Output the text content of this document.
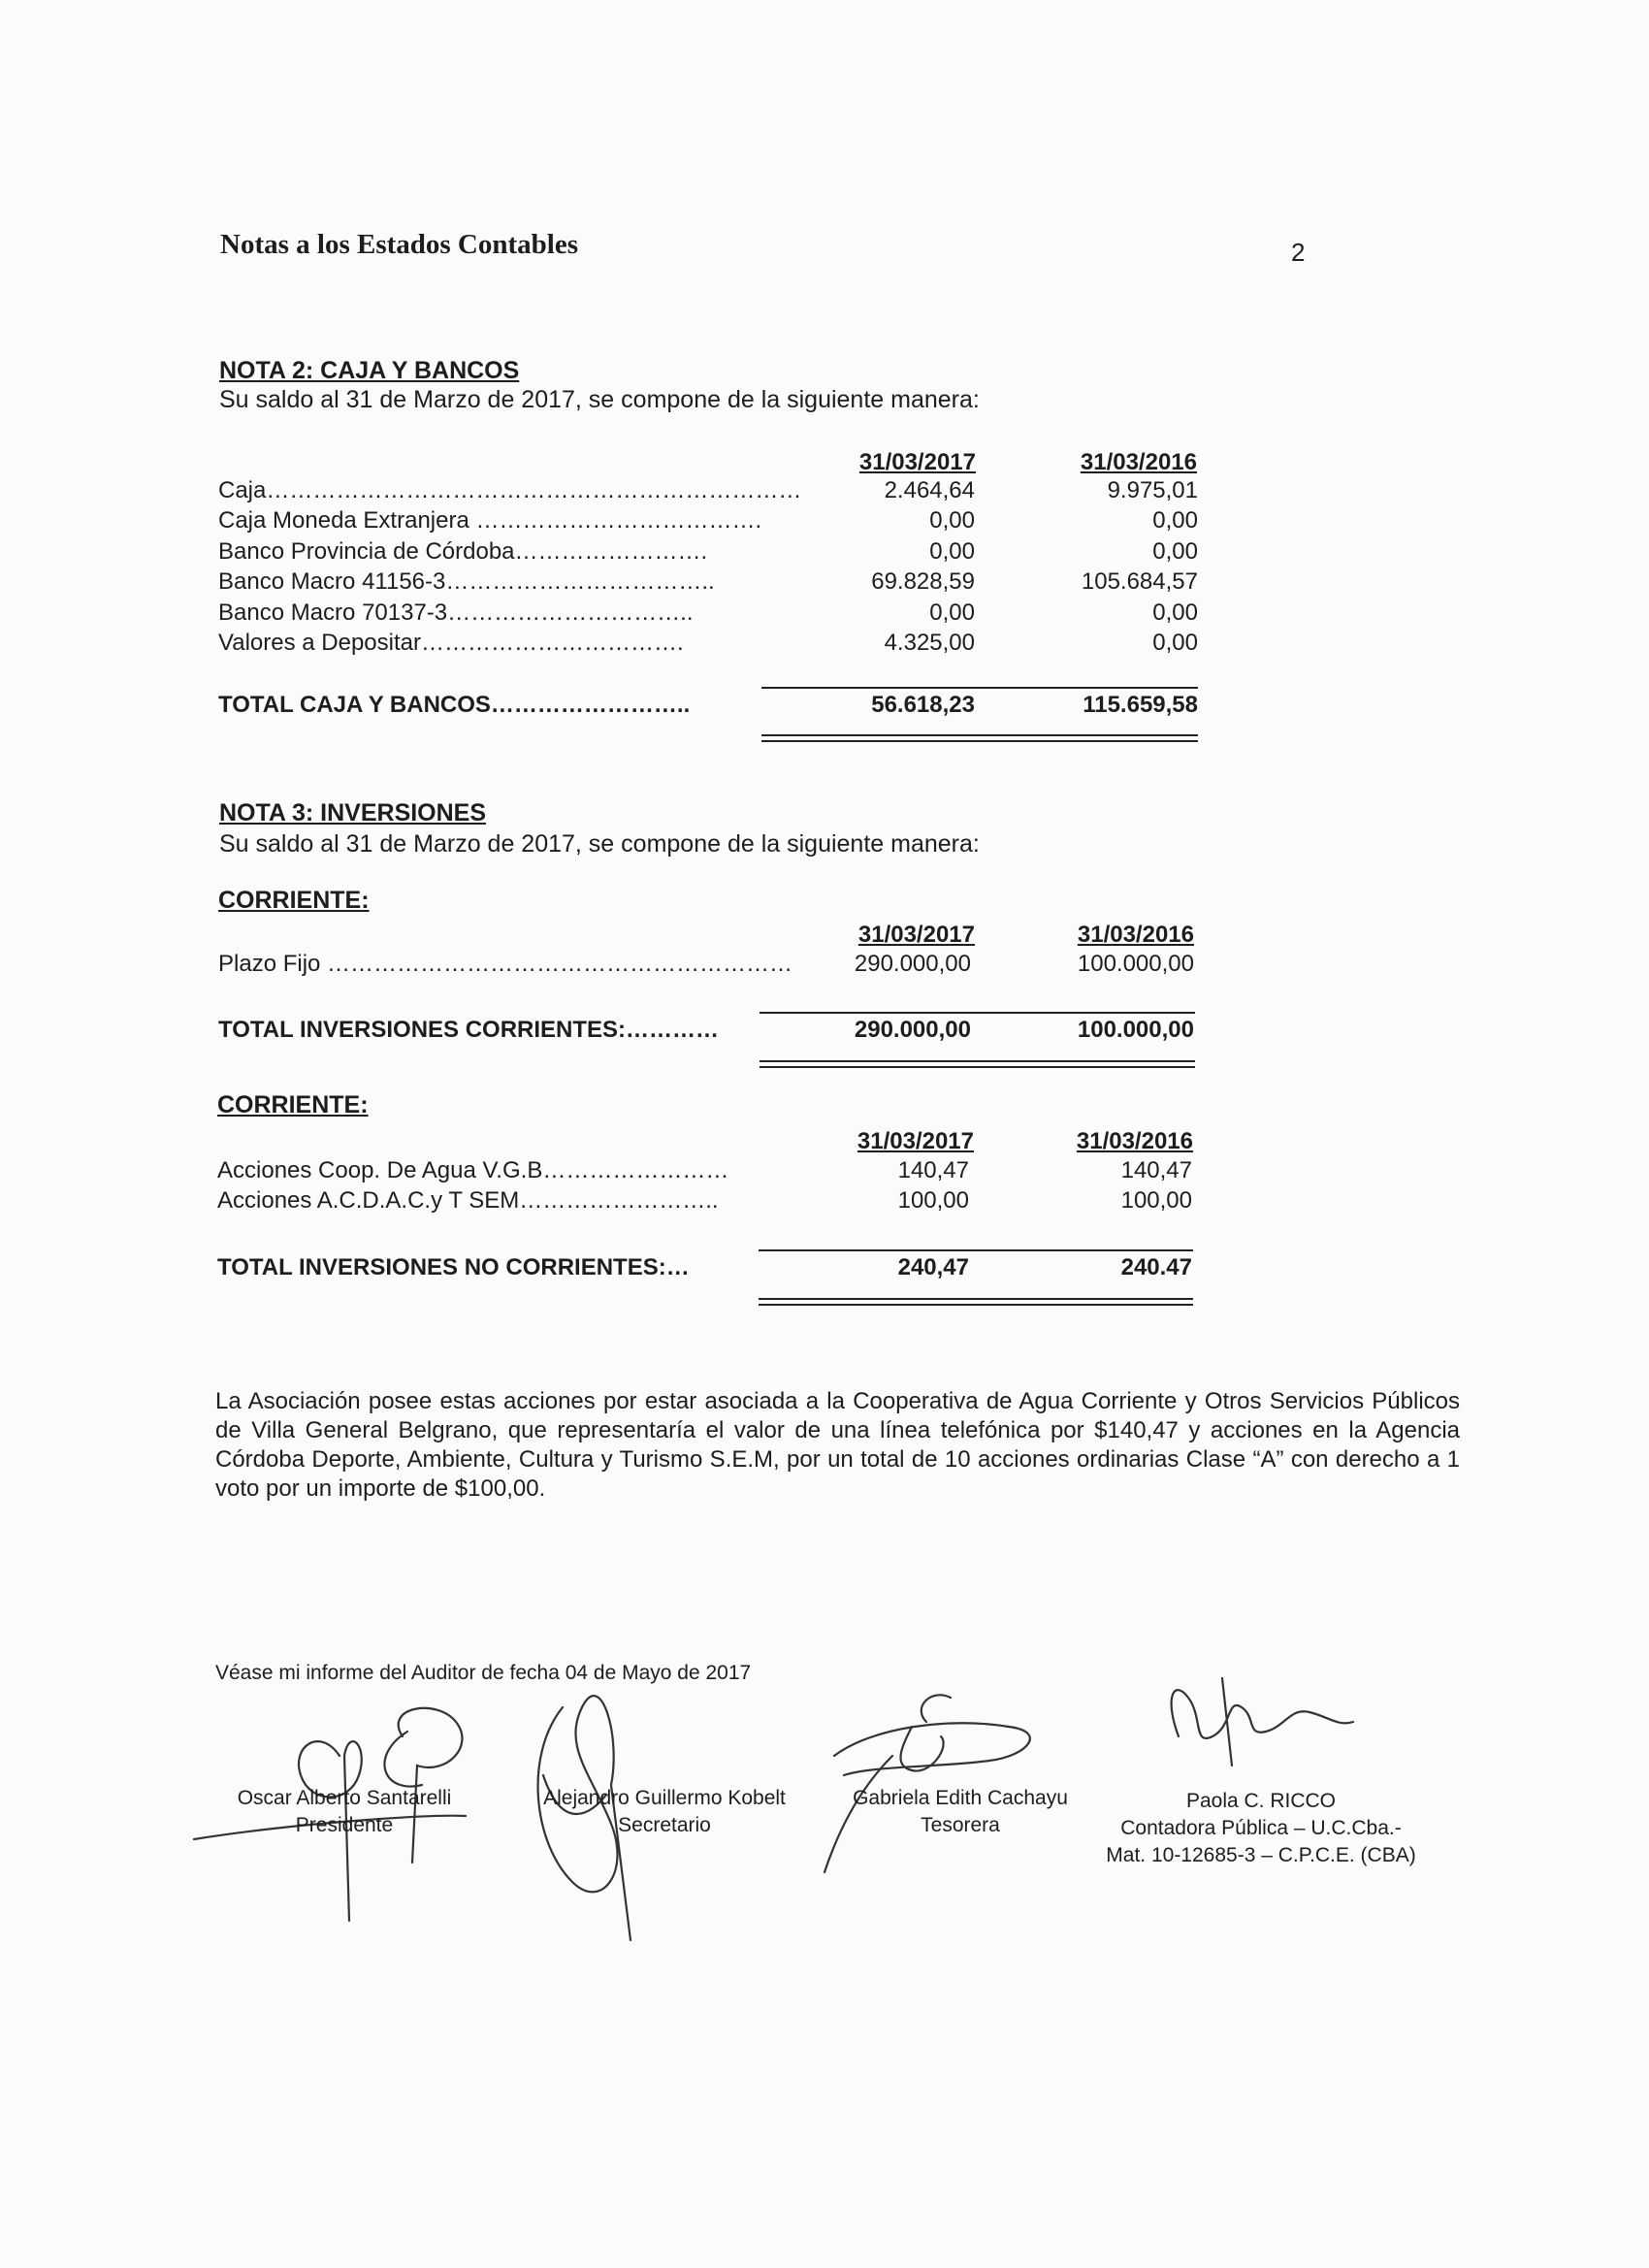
Notas a los Estados Contables	2
NOTA 2: CAJA Y BANCOS
Su saldo al 31 de Marzo de 2017, se compone de la siguiente manera:
31/03/2017	31/03/2016
Caja……………………………………………………………	2.464,64	9.975,01
Caja Moneda Extranjera ……………………………….	0,00	0,00
Banco Provincia de Córdoba…………………….	0,00	0,00
Banco Macro 41156-3……………………………..	69.828,59	105.684,57
Banco Macro 70137-3…………………………..	0,00	0,00
Valores a Depositar…………………………….	4.325,00	0,00
TOTAL CAJA Y BANCOS……………………..	56.618,23	115.659,58
NOTA 3: INVERSIONES
Su saldo al 31 de Marzo de 2017, se compone de la siguiente manera:
CORRIENTE:
31/03/2017	31/03/2016
Plazo Fijo ……………………………………………………	290.000,00	100.000,00
TOTAL INVERSIONES CORRIENTES:…………	290.000,00	100.000,00
CORRIENTE:
31/03/2017	31/03/2016
Acciones Coop. De Agua V.G.B……………………	140,47	140,47
Acciones A.C.D.A.C.y T SEM……………………..	100,00	100,00
TOTAL INVERSIONES NO CORRIENTES:…	240,47	240.47
La Asociación posee estas acciones por estar asociada a la Cooperativa de Agua Corriente y Otros Servicios Públicos de Villa General Belgrano, que representaría el valor de una línea telefónica por $140,47 y acciones en la Agencia Córdoba Deporte, Ambiente, Cultura y Turismo S.E.M, por un total de 10 acciones ordinarias Clase “A” con derecho a 1 voto por un importe de $100,00.
Véase mi informe del Auditor de fecha 04 de Mayo de 2017
Oscar Alberto Santarelli
Presidente
Alejandro Guillermo Kobelt
Secretario
Gabriela Edith Cachayu
Tesorera
Paola C. RICCO
Contadora Pública – U.C.Cba.-
Mat. 10-12685-3 – C.P.C.E. (CBA)
